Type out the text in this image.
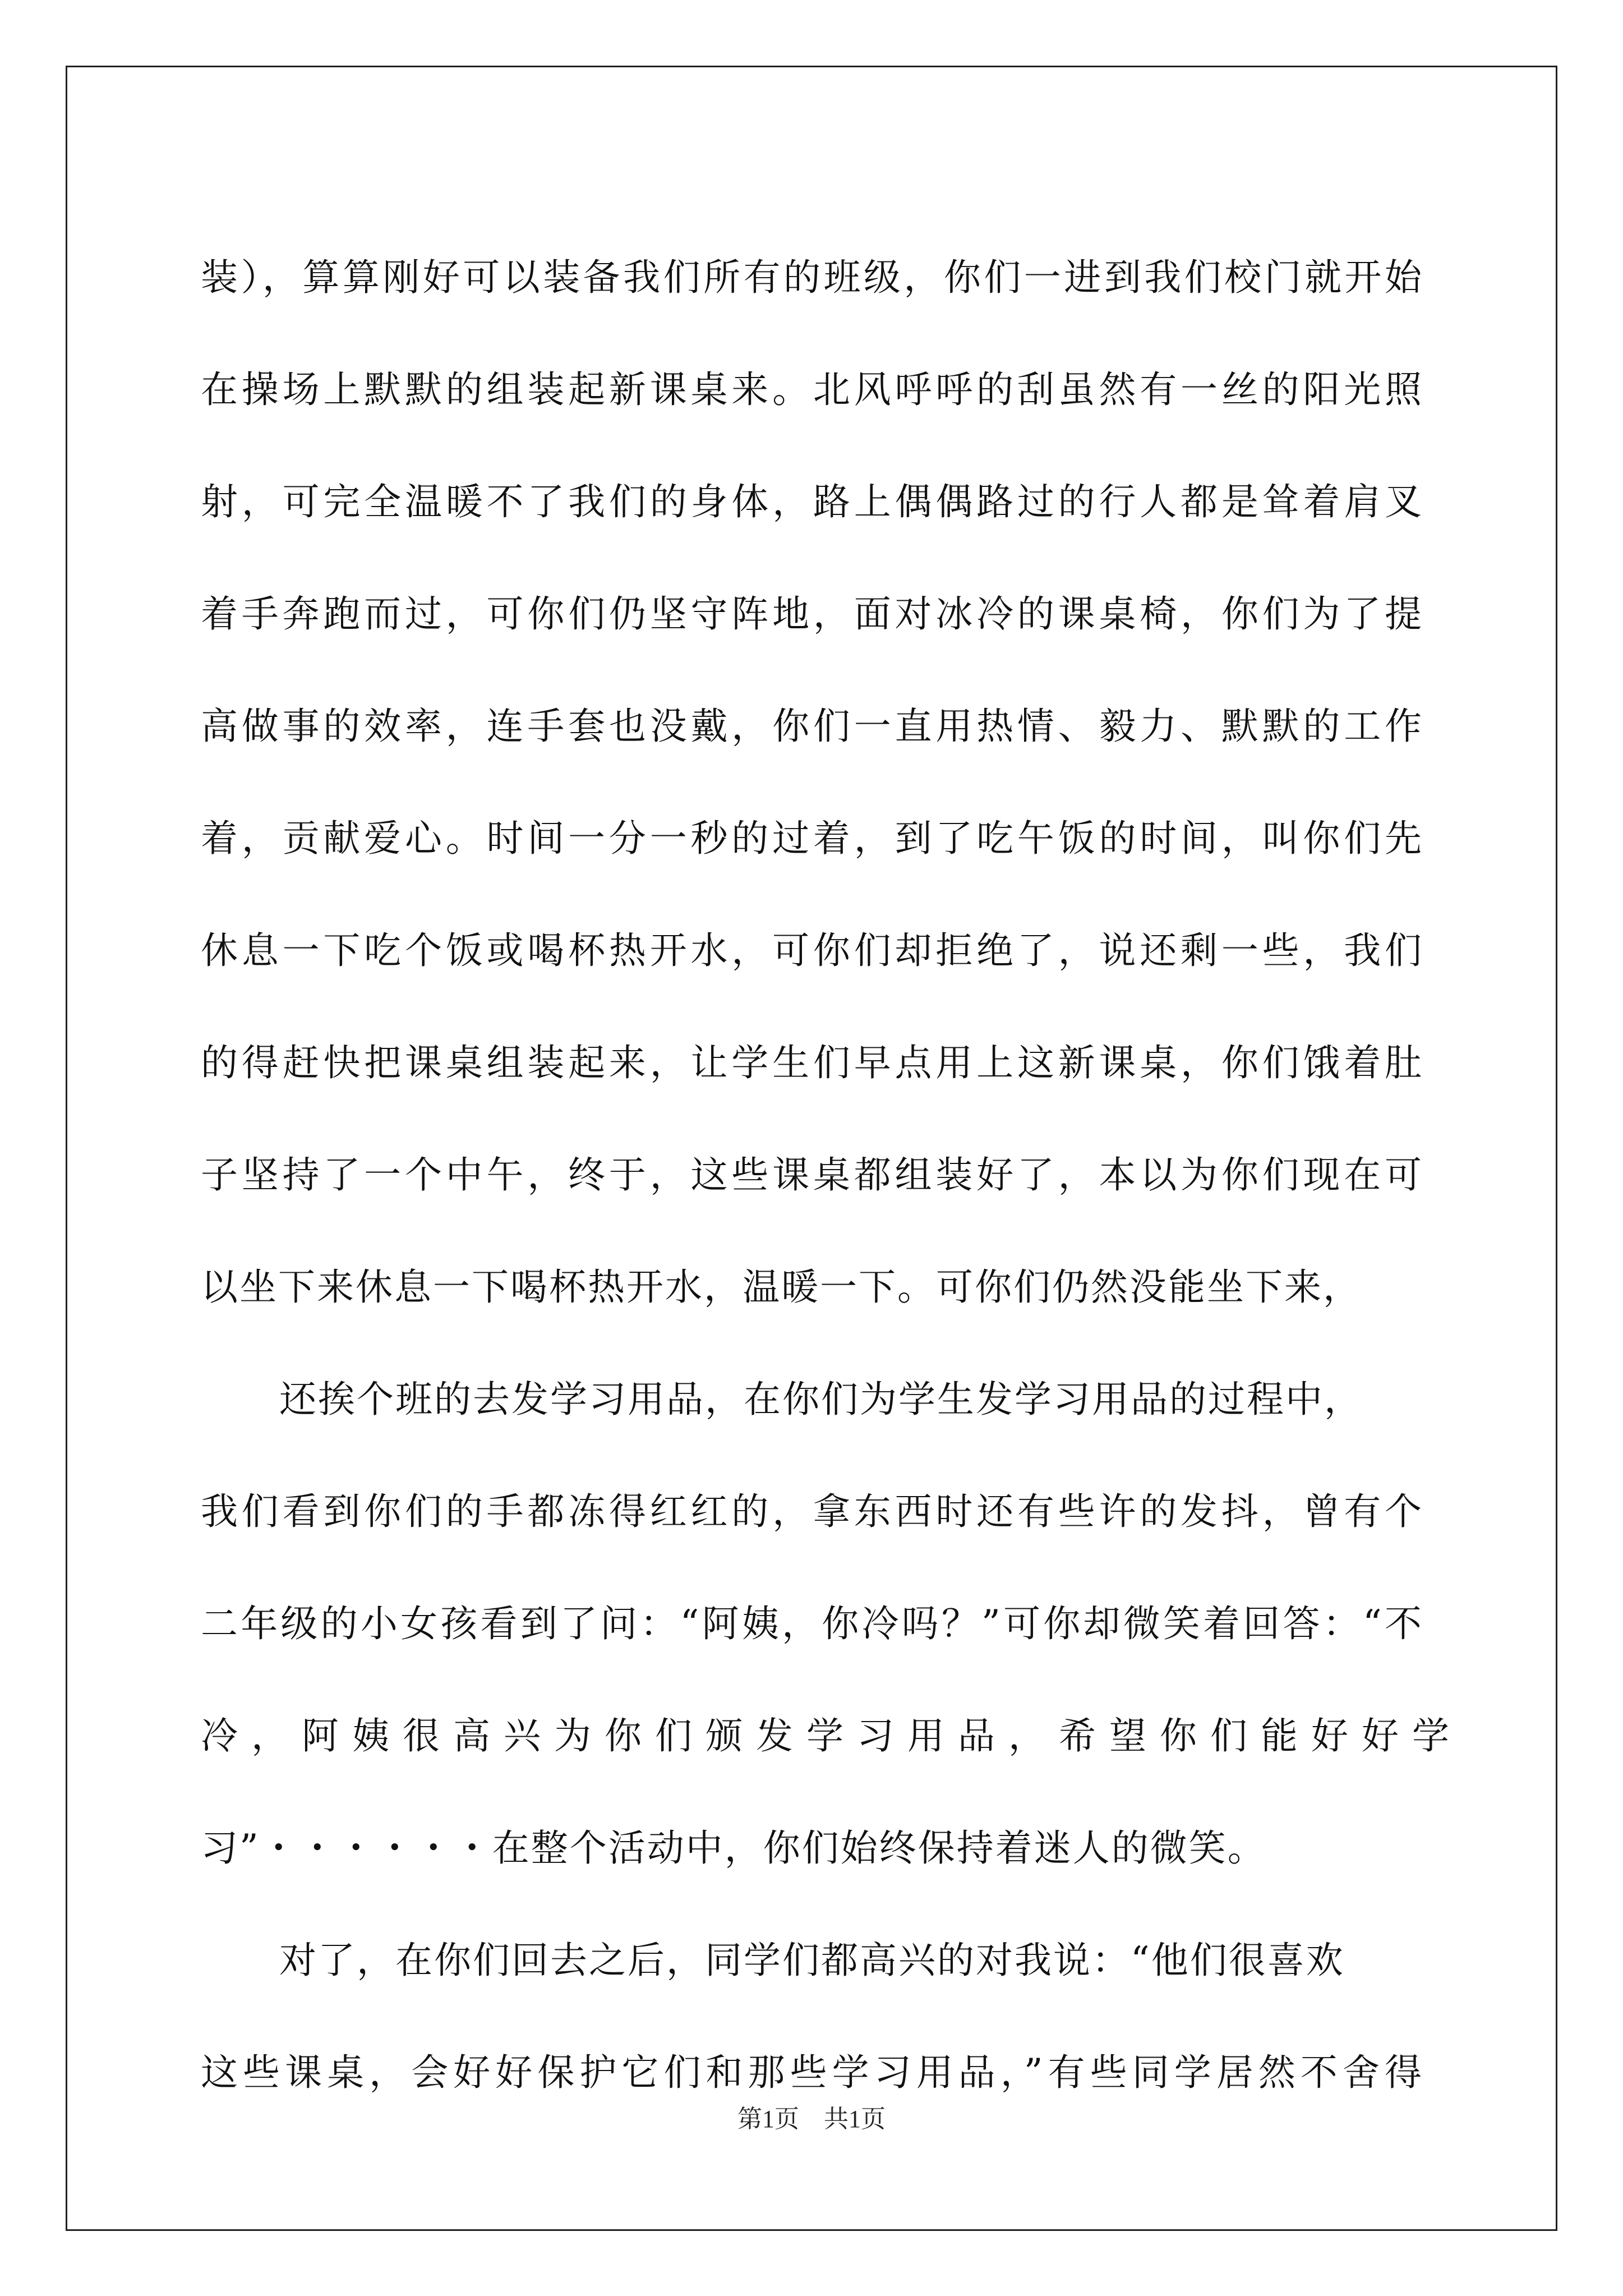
装），算算刚好可以装备我们所有的班级，你们一进到我们校门就开始
在操场上默默的组装起新课桌来。北风呼呼的刮虽然有一丝的阳光照
射，可完全温暖不了我们的身体，路上偶偶路过的行人都是耸着肩叉
着手奔跑而过，可你们仍坚守阵地，面对冰冷的课桌椅，你们为了提
高做事的效率，连手套也没戴，你们一直用热情、毅力、默默的工作
着，贡献爱心。时间一分一秒的过着，到了吃午饭的时间，叫你们先
休息一下吃个饭或喝杯热开水，可你们却拒绝了，说还剩一些，我们
的得赶快把课桌组装起来，让学生们早点用上这新课桌，你们饿着肚
子坚持了一个中午，终于，这些课桌都组装好了，本以为你们现在可
以坐下来休息一下喝杯热开水，温暖一下。可你们仍然没能坐下来，
还挨个班的去发学习用品，在你们为学生发学习用品的过程中，
我们看到你们的手都冻得红红的，拿东西时还有些许的发抖，曾有个
二年级的小女孩看到了问：“阿姨，你冷吗？”可你却微笑着回答：“不
冷，阿姨很高兴为你们颁发学习用品，希望你们能好好学
习”・・・・・・在整个活动中，你们始终保持着迷人的微笑。
对了，在你们回去之后，同学们都高兴的对我说：“他们很喜欢
这些课桌，会好好保护它们和那些学习用品，”有些同学居然不舍得
第1页　共1页
